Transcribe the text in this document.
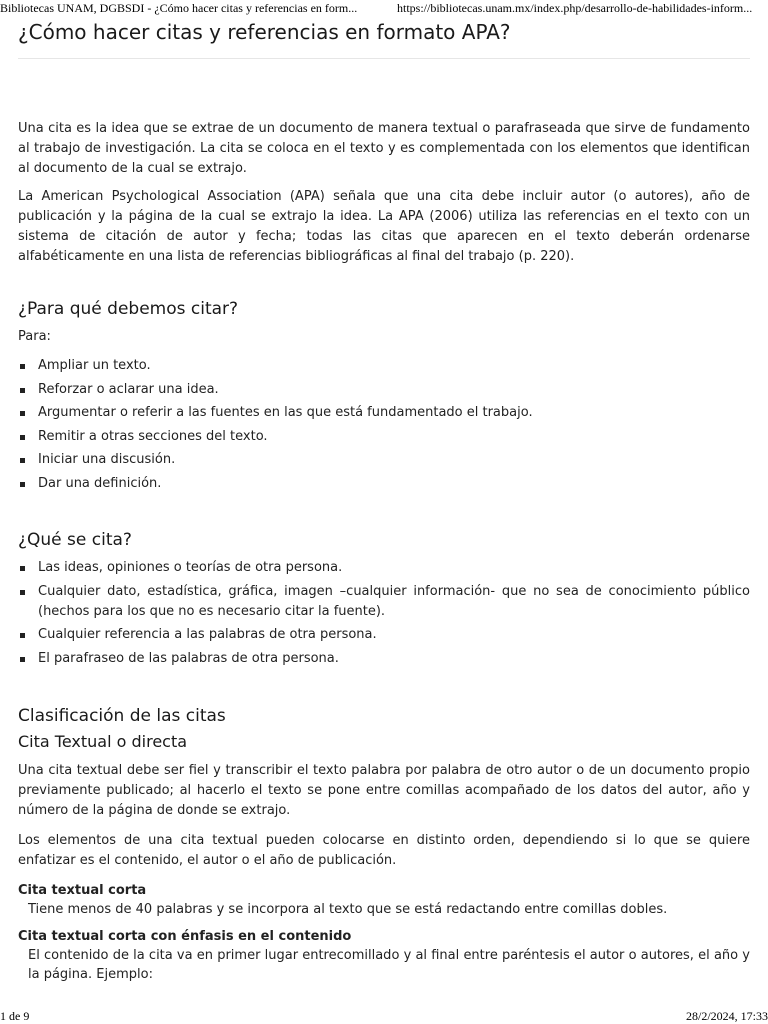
Bibliotecas UNAM, DGBSDI - ¿Cómo hacer citas y referencias en form...	https://bibliotecas.unam.mx/index.php/desarrollo-de-habilidades-inform...
¿Cómo hacer citas y referencias en formato APA?

Una cita es la idea que se extrae de un documento de manera textual o parafraseada que sirve de fundamento al trabajo de investigación. La cita se coloca en el texto y es complementada con los elementos que identifican al documento de la cual se extrajo.

La American Psychological Association (APA) señala que una cita debe incluir autor (o autores), año de publicación y la página de la cual se extrajo la idea. La APA (2006) utiliza las referencias en el texto con un sistema de citación de autor y fecha; todas las citas que aparecen en el texto deberán ordenarse alfabéticamente en una lista de referencias bibliográficas al final del trabajo (p. 220).

¿Para qué debemos citar?

Para:

Ampliar un texto.
Reforzar o aclarar una idea.
Argumentar o referir a las fuentes en las que está fundamentado el trabajo.
Remitir a otras secciones del texto.
Iniciar una discusión.
Dar una definición.
¿Qué se cita?
Las ideas, opiniones o teorías de otra persona.
Cualquier dato, estadística, gráfica, imagen –cualquier información- que no sea de conocimiento público (hechos para los que no es necesario citar la fuente).
Cualquier referencia a las palabras de otra persona.
El parafraseo de las palabras de otra persona.
Clasificación de las citas
Cita Textual o directa

Una cita textual debe ser fiel y transcribir el texto palabra por palabra de otro autor o de un documento propio previamente publicado; al hacerlo el texto se pone entre comillas acompañado de los datos del autor, año y número de la página de donde se extrajo.

Los elementos de una cita textual pueden colocarse en distinto orden, dependiendo si lo que se quiere enfatizar es el contenido, el autor o el año de publicación.

Cita textual corta

Tiene menos de 40 palabras y se incorpora al texto que se está redactando entre comillas dobles.

Cita textual corta con énfasis en el contenido

El contenido de la cita va en primer lugar entrecomillado y al final entre paréntesis el autor o autores, el año y la página. Ejemplo:

1 de 9	28/2/2024, 17:33
